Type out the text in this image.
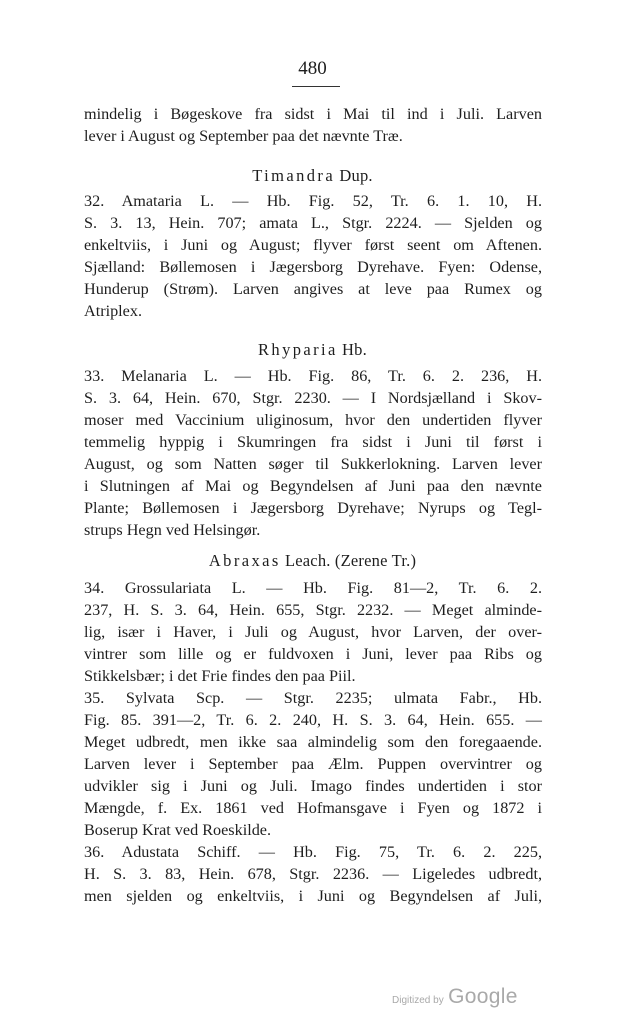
480
mindelig i Bøgeskove fra sidst i Mai til ind i Juli. Larven
lever i August og September paa det nævnte Træ.
Timandra Dup.
32. Amataria L. — Hb. Fig. 52, Tr. 6. 1. 10, H.
S. 3. 13, Hein. 707; amata L., Stgr. 2224. — Sjelden og
enkeltviis, i Juni og August; flyver først seent om Aftenen.
Sjælland: Bøllemosen i Jægersborg Dyrehave. Fyen: Odense,
Hunderup (Strøm). Larven angives at leve paa Rumex og
Atriplex.
Rhyparia Hb.
33. Melanaria L. — Hb. Fig. 86, Tr. 6. 2. 236, H.
S. 3. 64, Hein. 670, Stgr. 2230. — I Nordsjælland i Skov-
moser med Vaccinium uliginosum, hvor den undertiden flyver
temmelig hyppig i Skumringen fra sidst i Juni til først i
August, og som Natten søger til Sukkerlokning. Larven lever
i Slutningen af Mai og Begyndelsen af Juni paa den nævnte
Plante; Bøllemosen i Jægersborg Dyrehave; Nyrups og Tegl-
strups Hegn ved Helsingør.
Abraxas Leach. (Zerene Tr.)
34. Grossulariata L. — Hb. Fig. 81—2, Tr. 6. 2.
237, H. S. 3. 64, Hein. 655, Stgr. 2232. — Meget alminde-
lig, især i Haver, i Juli og August, hvor Larven, der over-
vintrer som lille og er fuldvoxen i Juni, lever paa Ribs og
Stikkelsbær; i det Frie findes den paa Piil.
35. Sylvata Scp. — Stgr. 2235; ulmata Fabr., Hb.
Fig. 85. 391—2, Tr. 6. 2. 240, H. S. 3. 64, Hein. 655. —
Meget udbredt, men ikke saa almindelig som den foregaaende.
Larven lever i September paa Ælm. Puppen overvintrer og
udvikler sig i Juni og Juli. Imago findes undertiden i stor
Mængde, f. Ex. 1861 ved Hofmansgave i Fyen og 1872 i
Boserup Krat ved Roeskilde.
36. Adustata Schiff. — Hb. Fig. 75, Tr. 6. 2. 225,
H. S. 3. 83, Hein. 678, Stgr. 2236. — Ligeledes udbredt,
men sjelden og enkeltviis, i Juni og Begyndelsen af Juli,
Digitized by Google
